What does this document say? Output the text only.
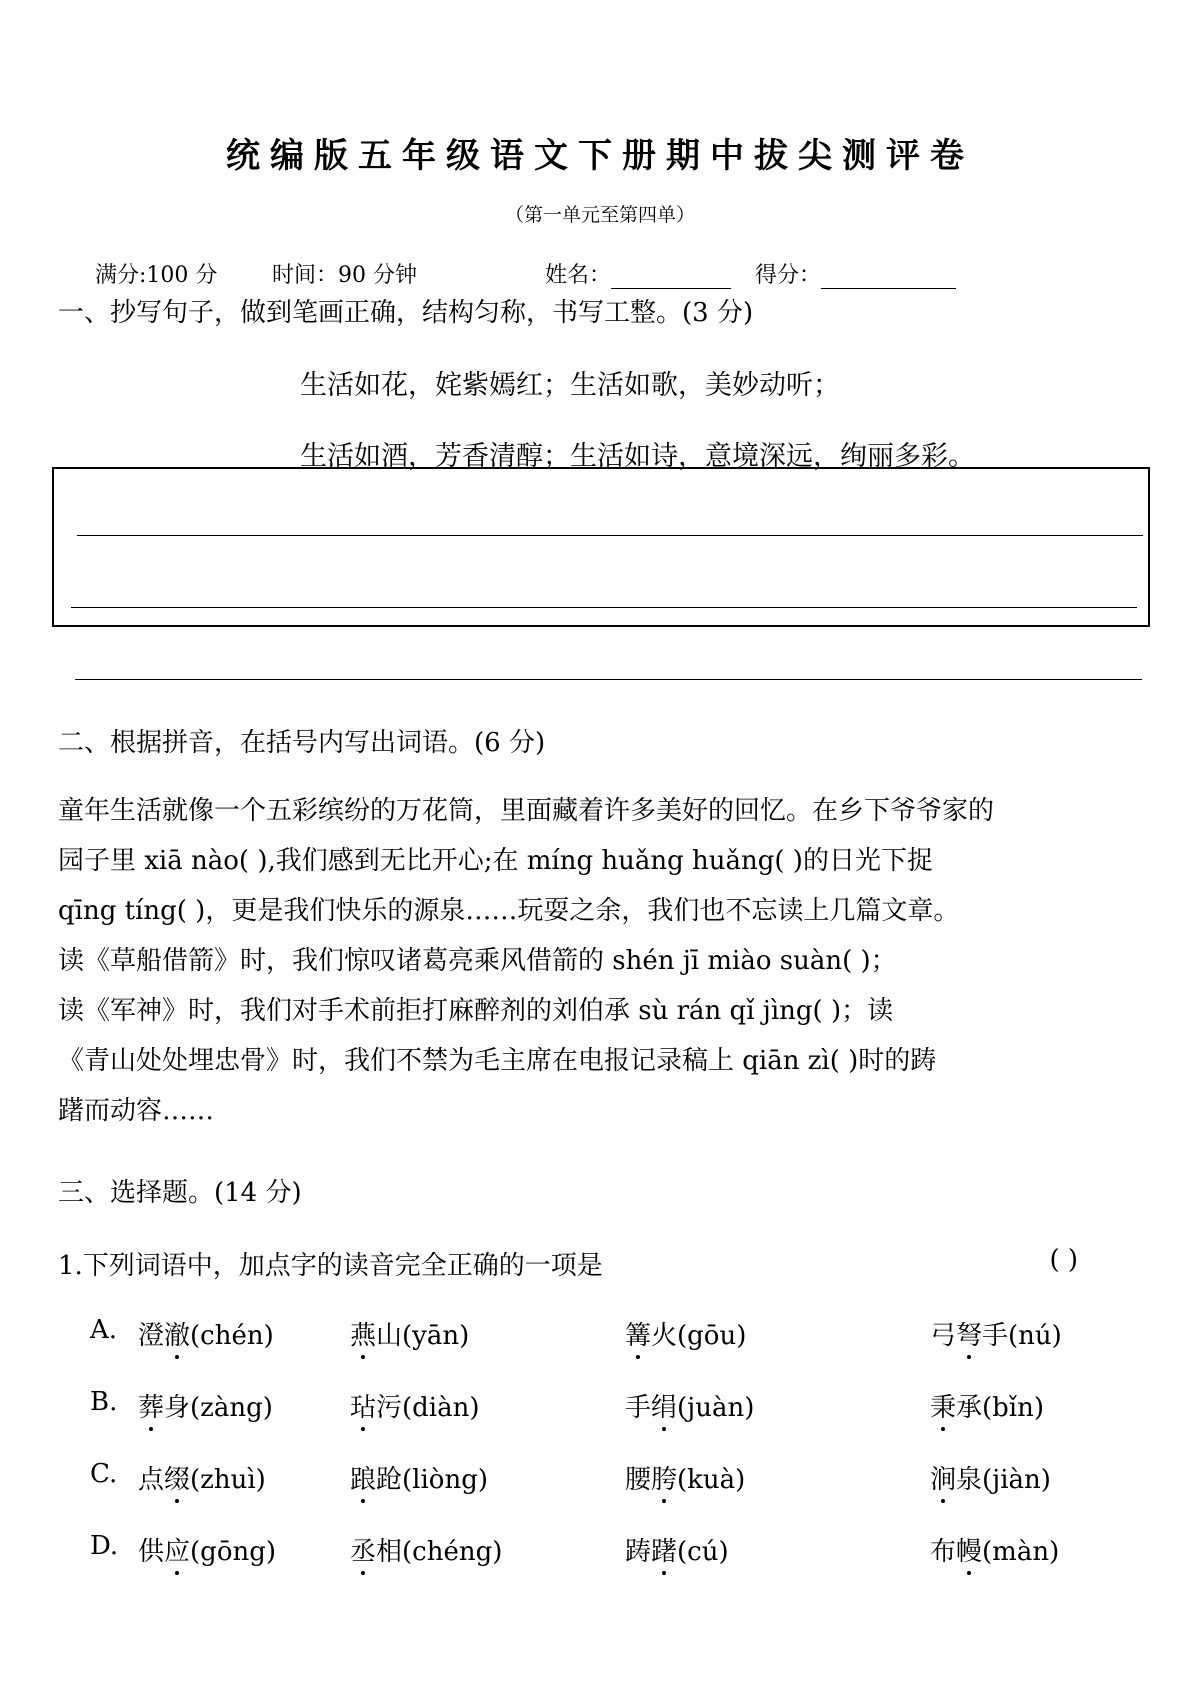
统编版五年级语文下册期中拔尖测评卷
（第一单元至第四单）
满分:100 分 时间：90 分钟	姓名：	得分：
一、抄写句子，做到笔画正确，结构匀称，书写工整。(3 分)
生活如花，姹紫嫣红；生活如歌，美妙动听；
生活如酒，芳香清醇；生活如诗，意境深远，绚丽多彩。
二、根据拼音，在括号内写出词语。(6 分)
童年生活就像一个五彩缤纷的万花筒，里面藏着许多美好的回忆。在乡下爷爷家的
园子里 xiā nào( ),我们感到无比开心;在 míng huǎng huǎng( )的日光下捉
qīng tíng( )，更是我们快乐的源泉……玩耍之余，我们也不忘读上几篇文章。
读《草船借箭》时，我们惊叹诸葛亮乘风借箭的 shén jī miào suàn( )；
读《军神》时，我们对手术前拒打麻醉剂的刘伯承 sù rán qǐ jìng( )；读
《青山处处埋忠骨》时，我们不禁为毛主席在电报记录稿上 qiān zì( )时的踌
躇而动容……
三、选择题。(14 分)
1.下列词语中，加点字的读音完全正确的一项是	( )
A. 澄澈(chén)	燕山(yān)	篝火(gōu)	弓弩手(nú)
B. 葬身(zàng)	玷污(diàn)	手绢(juàn)	秉承(bǐn)
C. 点缀(zhuì)	踉跄(liòng)	腰胯(kuà)	涧泉(jiàn)
D. 供应(gōng)	丞相(chéng)	踌躇(cú)	布幔(màn)
